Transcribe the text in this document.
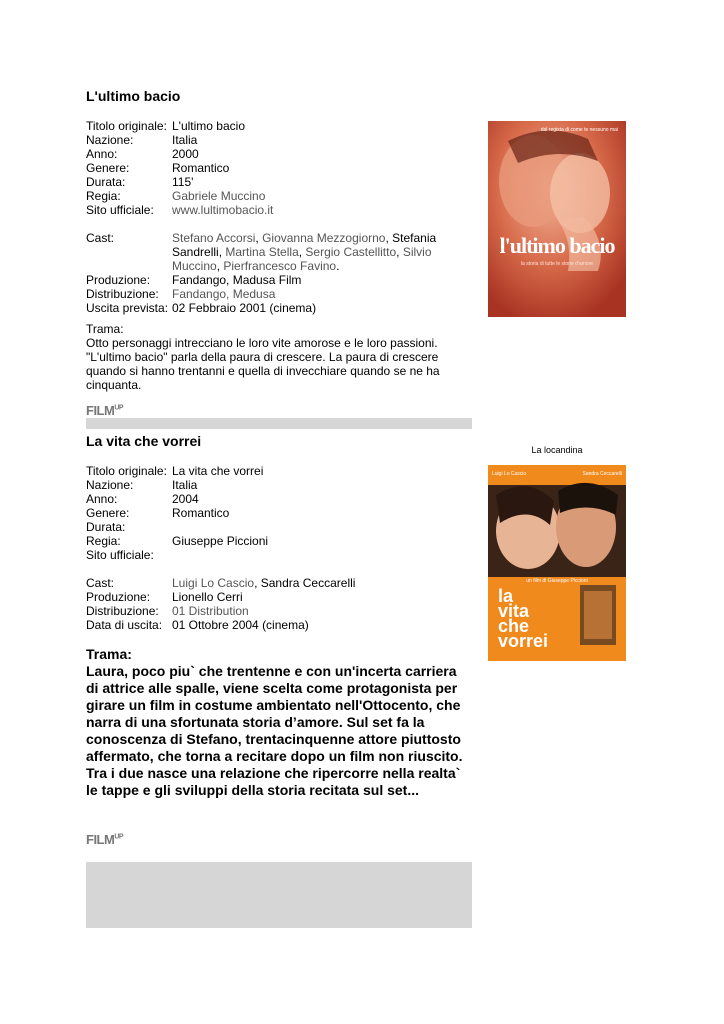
L'ultimo bacio
Titolo originale: L'ultimo bacio
Nazione:	Italia
Anno:	2000
Genere:	Romantico
Durata:	115'
Regia:	Gabriele Muccino
Sito ufficiale:	www.lultimobacio.it
Cast:	Stefano Accorsi, Giovanna Mezzogiorno, Stefania Sandrelli, Martina Stella, Sergio Castellitto, Silvio Muccino, Pierfrancesco Favino.
Produzione:	Fandango, Madusa Film
Distribuzione:	Fandango, Medusa
Uscita prevista: 02 Febbraio 2001 (cinema)
Trama:
Otto personaggi intrecciano le loro vite amorose e le loro passioni. "L'ultimo bacio" parla della paura di crescere. La paura di crescere quando si hanno trentanni e quella di invecchiare quando se ne ha cinquanta.
$FILM^{UP}$
dal regista di come te nessuno mai
l'ultimo bacio
la storia di tutte le storie d'amore
La vita che vorrei
Titolo originale: La vita che vorrei
Nazione:	Italia
Anno:	2004
Genere:	Romantico
Durata:
Regia:	Giuseppe Piccioni
Sito ufficiale:
Cast:	Luigi Lo Cascio, Sandra Ceccarelli
Produzione:	Lionello Cerri
Distribuzione:	01 Distribution
Data di uscita: 01 Ottobre 2004 (cinema)
Trama:
Laura, poco piu` che trentenne e con un'incerta carriera di attrice alle spalle, viene scelta come protagonista per girare un film in costume ambientato nell'Ottocento, che narra di una sfortunata storia d’amore. Sul set fa la conoscenza di Stefano, trentacinquenne attore piuttosto affermato, che torna a recitare dopo un film non riuscito. Tra i due nasce una relazione che ripercorre nella realta` le tappe e gli sviluppi della storia recitata sul set...
$FILM^{UP}$
La locandina
Luigi Lo Cascio	Sandra Ceccarelli
un film di Giuseppe Piccioni
la
vita
che
vorrei
